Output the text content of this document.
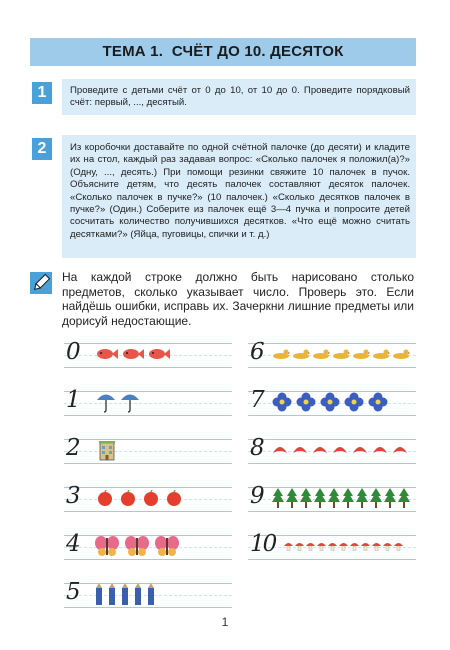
ТЕМА 1. СЧЁТ ДО 10. ДЕСЯТОК
1	Проведите с детьми счёт от 0 до 10, от 10 до 0. Проведите порядковый счёт: первый, ..., десятый.
2	Из коробочки доставайте по одной счётной палочке (до десяти) и кладите их на стол, каждый раз задавая вопрос: «Сколько палочек я положил(а)?» (Одну, ..., десять.) При помощи резинки свяжите 10 палочек в пучок. Объясните детям, что десять палочек составляют десяток палочек. «Сколько палочек в пучке?» (10 палочек.) «Сколько десятков палочек в пучке?» (Один.) Соберите из палочек ещё 3—4 пучка и попросите детей сосчитать количество получившихся десятков. «Что ещё можно считать десятками?» (Яйца, пуговицы, спички и т. д.)
На каждой строке должно быть нарисовано столько предметов, сколько указывает число. Проверь это. Если найдёшь ошибки, исправь их. Зачеркни лишние предметы или дорисуй недостающие.
0
1
2
3
4
5
6
7
8
9
10
1
